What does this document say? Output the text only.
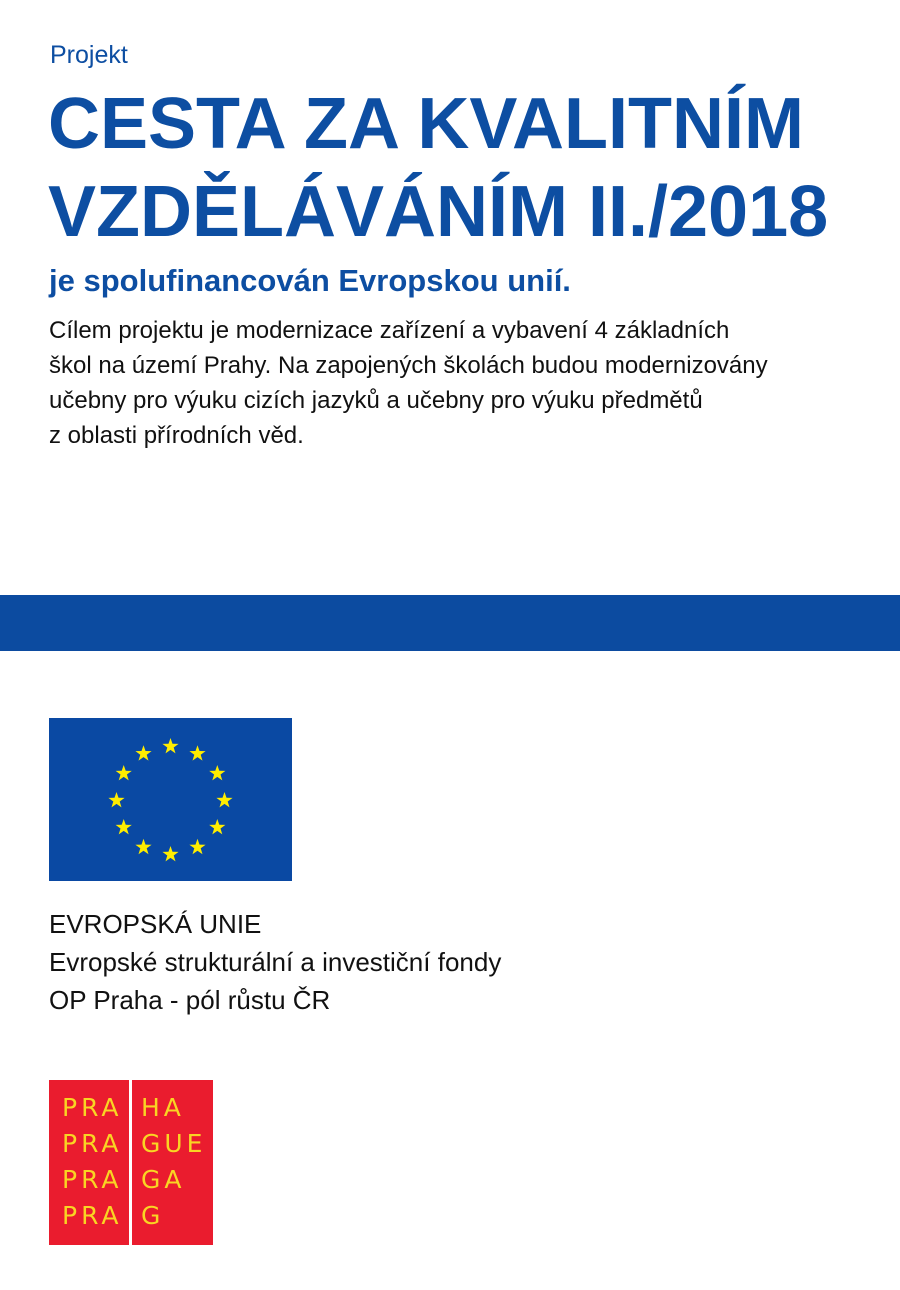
Projekt
CESTA ZA KVALITNÍM
VZDĚLÁVÁNÍM II./2018
je spolufinancován Evropskou unií.
Cílem projektu je modernizace zařízení a vybavení 4 základních
škol na území Prahy. Na zapojených školách budou modernizovány
učebny pro výuku cizích jazyků a učebny pro výuku předmětů
z oblasti přírodních věd.
EVROPSKÁ UNIE
Evropské strukturální a investiční fondy
OP Praha - pól růstu ČR
PRA
PRA
PRA
PRA
HA
GUE
GA
G
